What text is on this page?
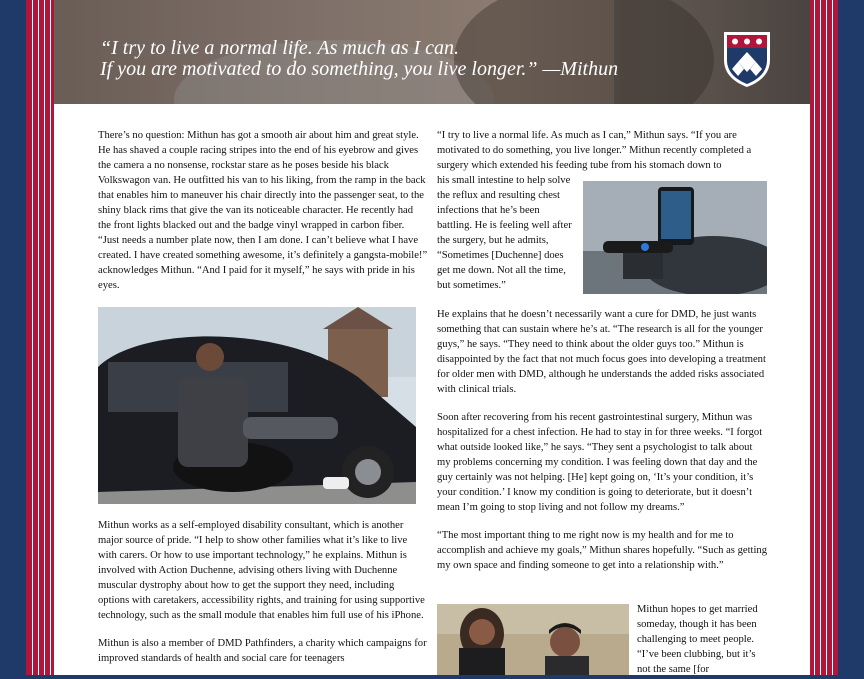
“I try to live a normal life. As much as I can.
If you are motivated to do something, you live longer.” —Mithun

There’s no question: Mithun has got a smooth air about him and great style. He has shaved a couple racing stripes into the end of his eyebrow and gives the camera a no nonsense, rockstar stare as he poses beside his black Volkswagon van. He outfitted his van to his liking, from the ramp in the back that enables him to maneuver his chair directly into the passenger seat, to the shiny black rims that give the van its noticeable character. He recently had the front lights blacked out and the badge vinyl wrapped in carbon fiber. “Just needs a number plate now, then I am done. I can’t believe what I have created. I have created something awesome, it’s definitely a gangsta-mobile!” acknowledges Mithun. “And I paid for it myself,” he says with pride in his eyes.

Mithun works as a self-employed disability consultant, which is another major source of pride. “I help to show other families what it’s like to live with carers. Or how to use important technology,” he explains. Mithun is involved with Action Duchenne, advising others living with Duchenne muscular dystrophy about how to get the support they need, including options with caretakers, accessibility rights, and training for using supportive technology, such as the small module that enables him full use of his iPhone.

Mithun is also a member of DMD Pathfinders, a charity which campaigns for improved standards of health and social care for teenagers

“I try to live a normal life. As much as I can,” Mithun says. “If you are motivated to do something, you live longer.” Mithun recently completed a surgery which extended his feeding tube from his stomach down to
his small intestine to help solve the reflux and resulting chest infections that he’s been battling. He is feeling well after the surgery, but he admits, “Sometimes [Duchenne] does get me down. Not all the time, but sometimes.”

He explains that he doesn’t necessarily want a cure for DMD, he just wants something that can sustain where he’s at. “The research is all for the younger guys,” he says. “They need to think about the older guys too.” Mithun is disappointed by the fact that not much focus goes into developing a treatment for older men with DMD, although he understands the added risks associated with clinical trials.

Soon after recovering from his recent gastrointestinal surgery, Mithun was hospitalized for a chest infection. He had to stay in for three weeks. “I forgot what outside looked like,” he says. “They sent a psychologist to talk about my problems concerning my condition. I was feeling down that day and the guy certainly was not helping. [He] kept going on, ‘It’s your condition, it’s your condition.’ I know my condition is going to deteriorate, but it doesn’t mean I’m going to stop living and not follow my dreams.”

“The most important thing to me right now is my health and for me to accomplish and achieve my goals,” Mithun shares hopefully. “Such as getting my own space and finding someone to get into a relationship with.”

Mithun hopes to get married someday, though it has been challenging to meet people. “I’ve been clubbing, but it’s not the same [for
